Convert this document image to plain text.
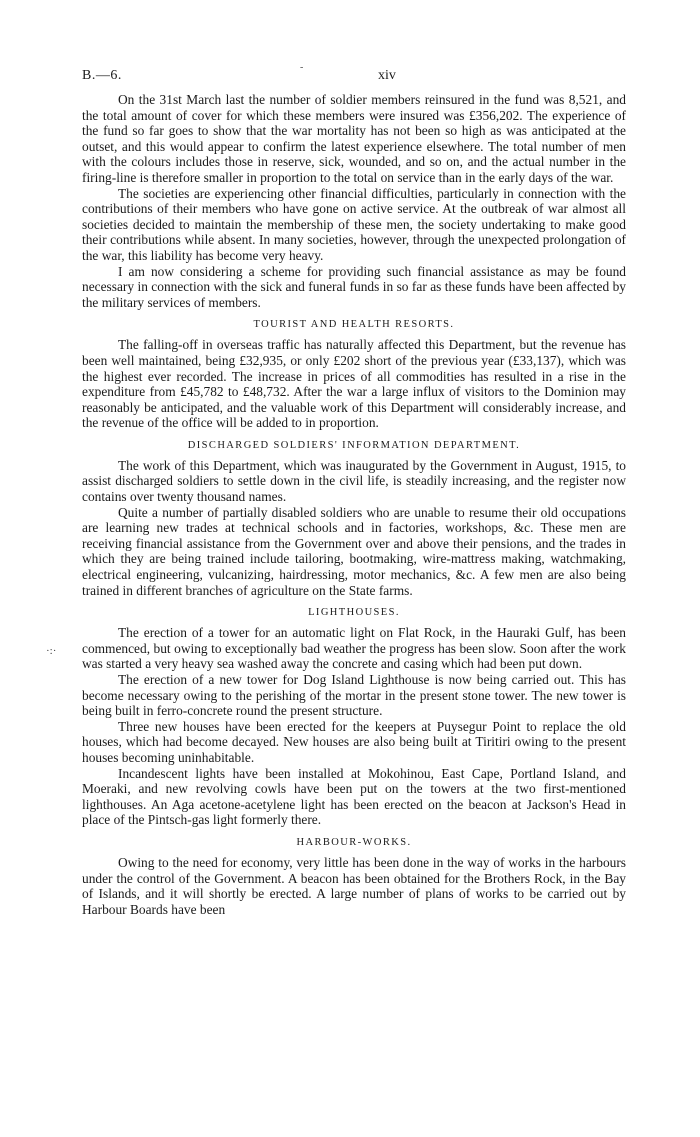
B.—6.
-
xiv

On the 31st March last the number of soldier members reinsured in the fund was 8,521, and the total amount of cover for which these members were insured was £356,202. The experience of the fund so far goes to show that the war mortality has not been so high as was anticipated at the outset, and this would appear to confirm the latest experience elsewhere. The total number of men with the colours includes those in reserve, sick, wounded, and so on, and the actual number in the firing-line is therefore smaller in proportion to the total on service than in the early days of the war.

The societies are experiencing other financial difficulties, particularly in connection with the contributions of their members who have gone on active service. At the outbreak of war almost all societies decided to maintain the membership of these men, the society undertaking to make good their contributions while absent. In many societies, however, through the unexpected prolongation of the war, this liability has become very heavy.

I am now considering a scheme for providing such financial assistance as may be found necessary in connection with the sick and funeral funds in so far as these funds have been affected by the military services of members.

TOURIST AND HEALTH RESORTS.

The falling-off in overseas traffic has naturally affected this Department, but the revenue has been well maintained, being £32,935, or only £202 short of the previous year (£33,137), which was the highest ever recorded. The increase in prices of all commodities has resulted in a rise in the expenditure from £45,782 to £48,732. After the war a large influx of visitors to the Dominion may reasonably be anticipated, and the valuable work of this Department will considerably increase, and the revenue of the office will be added to in proportion.

DISCHARGED SOLDIERS' INFORMATION DEPARTMENT.

The work of this Department, which was inaugurated by the Government in August, 1915, to assist discharged soldiers to settle down in the civil life, is steadily increasing, and the register now contains over twenty thousand names.

Quite a number of partially disabled soldiers who are unable to resume their old occupations are learning new trades at technical schools and in factories, workshops, &c. These men are receiving financial assistance from the Government over and above their pensions, and the trades in which they are being trained include tailoring, bootmaking, wire-mattress making, watchmaking, electrical engineering, vulcanizing, hairdressing, motor mechanics, &c. A few men are also being trained in different branches of agriculture on the State farms.

LIGHTHOUSES.

The erection of a tower for an automatic light on Flat Rock, in the Hauraki Gulf, has been commenced, but owing to exceptionally bad weather the progress has been slow. Soon after the work was started a very heavy sea washed away the concrete and casing which had been put down.

The erection of a new tower for Dog Island Lighthouse is now being carried out. This has become necessary owing to the perishing of the mortar in the present stone tower. The new tower is being built in ferro-concrete round the present structure.

Three new houses have been erected for the keepers at Puysegur Point to replace the old houses, which had become decayed. New houses are also being built at Tiritiri owing to the present houses becoming uninhabitable.

Incandescent lights have been installed at Mokohinou, East Cape, Portland Island, and Moeraki, and new revolving cowls have been put on the towers at the two first-mentioned lighthouses. An Aga acetone-acetylene light has been erected on the beacon at Jackson's Head in place of the Pintsch-gas light formerly there.

HARBOUR-WORKS.

Owing to the need for economy, very little has been done in the way of works in the harbours under the control of the Government. A beacon has been obtained for the Brothers Rock, in the Bay of Islands, and it will shortly be erected. A large number of plans of works to be carried out by Harbour Boards have been

·:·
